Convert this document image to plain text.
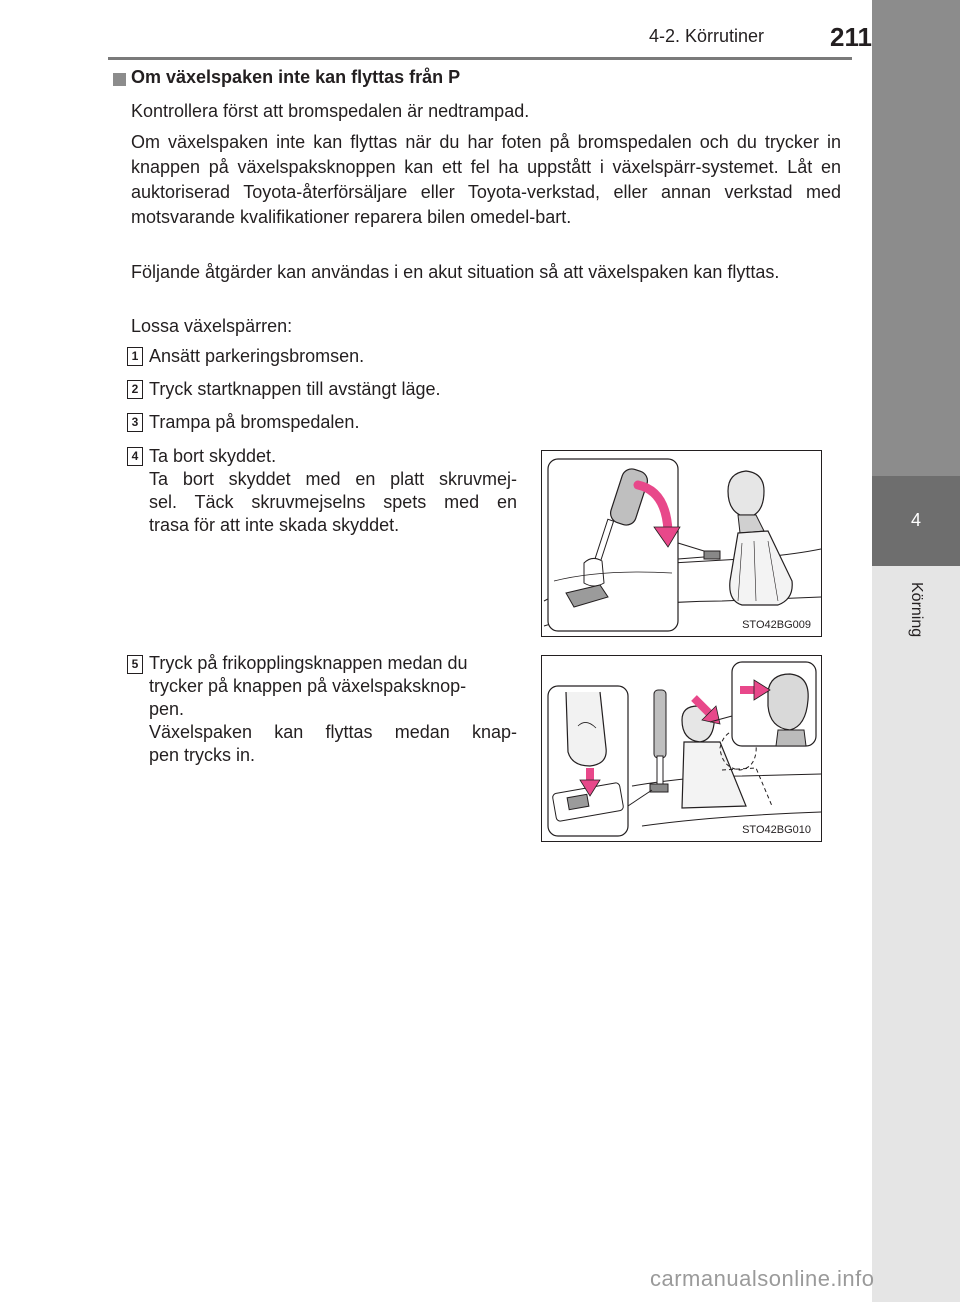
4-2. Körrutiner	211
4
Körning
Om växelspaken inte kan flyttas från P
Kontrollera först att bromspedalen är nedtrampad.
Om växelspaken inte kan flyttas när du har foten på bromspedalen och du trycker in knappen på växelspaksknoppen kan ett fel ha uppstått i växelspärr-systemet. Låt en auktoriserad Toyota-återförsäljare eller Toyota-verkstad, eller annan verkstad med motsvarande kvalifikationer reparera bilen omedel-bart.
Följande åtgärder kan användas i en akut situation så att växelspaken kan flyttas.
Lossa växelspärren:
1 Ansätt parkeringsbromsen.
2 Tryck startknappen till avstängt läge.
3 Trampa på bromspedalen.
4 Ta bort skyddet.
Ta bort skyddet med en platt skruvmej-
sel. Täck skruvmejselns spets med en
trasa för att inte skada skyddet.
STO42BG009
5 Tryck på frikopplingsknappen medan du
trycker på knappen på växelspaksknop-
pen.
Växelspaken kan flyttas medan knap-
pen trycks in.
STO42BG010
carmanualsonline.info
